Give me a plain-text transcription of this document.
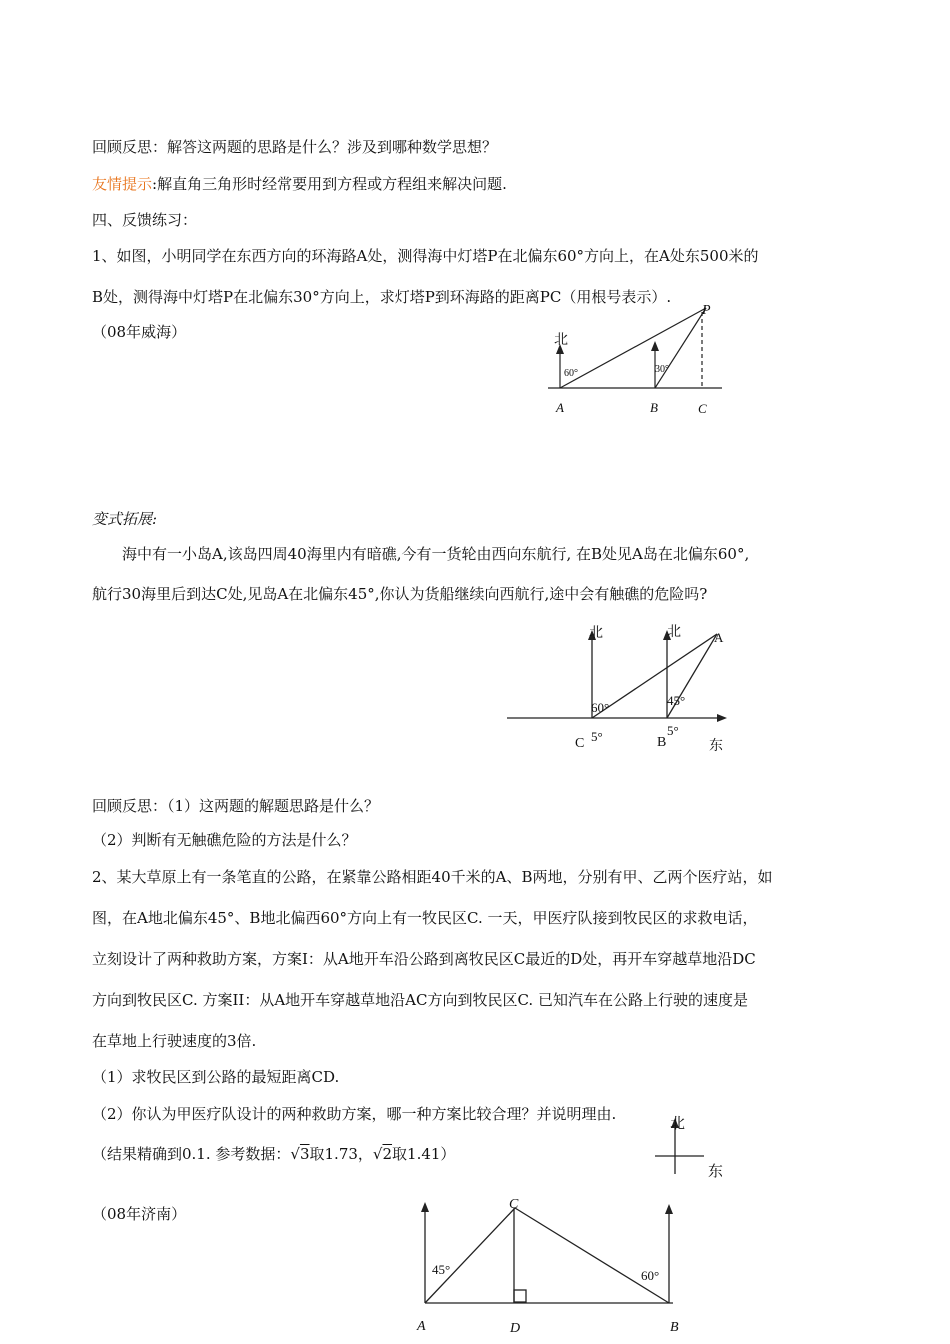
回顾反思：解答这两题的思路是什么？涉及到哪种数学思想？
友情提示:解直角三角形时经常要用到方程或方程组来解决问题.
四、反馈练习：
1、如图，小明同学在东西方向的环海路A处，测得海中灯塔P在北偏东60°方向上，在A处东500米的
B处，测得海中灯塔P在北偏东30°方向上，求灯塔P到环海路的距离PC（用根号表示）.
（08年威海）
变式拓展:
海中有一小岛A,该岛四周40海里内有暗礁,今有一货轮由西向东航行, 在B处见A岛在北偏东60°,
航行30海里后到达C处,见岛A在北偏东45°,你认为货船继续向西航行,途中会有触礁的危险吗?
回顾反思：（1）这两题的解题思路是什么？
（2）判断有无触礁危险的方法是什么？
2、某大草原上有一条笔直的公路，在紧靠公路相距40千米的A、B两地，分别有甲、乙两个医疗站，如
图，在A地北偏东45°、B地北偏西60°方向上有一牧民区C. 一天，甲医疗队接到牧民区的求救电话，
立刻设计了两种救助方案，方案I：从A地开车沿公路到离牧民区C最近的D处，再开车穿越草地沿DC
方向到牧民区C. 方案II：从A地开车穿越草地沿AC方向到牧民区C. 已知汽车在公路上行驶的速度是
在草地上行驶速度的3倍.
（1）求牧民区到公路的最短距离CD.
（2）你认为甲医疗队设计的两种救助方案，哪一种方案比较合理？并说明理由.
（结果精确到0.1. 参考数据：√3取1.73，√2取1.41）
（08年济南）
北
60°	30°
P
A	B	C
北	北	A
60°	45°
5°	5°
C	B	东
北
东
C
45°	60°
A	D	B
